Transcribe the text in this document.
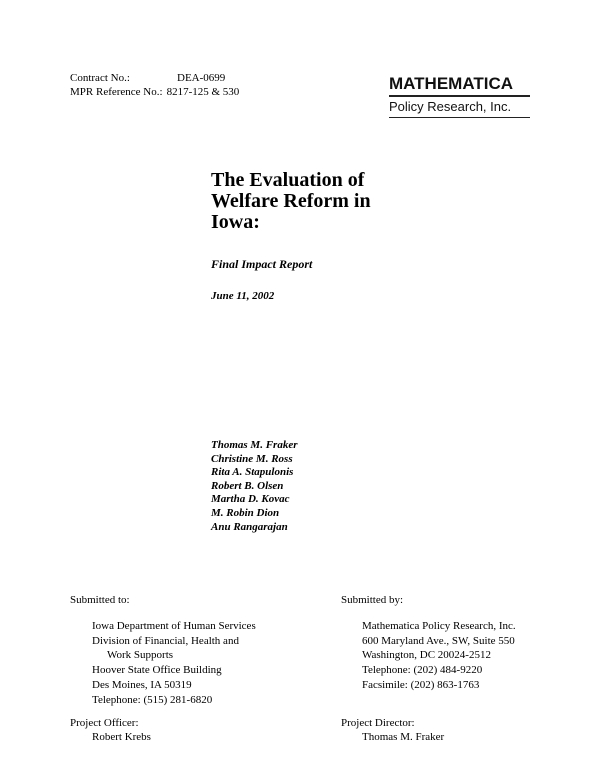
Contract No.:	DEA-0699
MPR Reference No.: 8217-125 & 530	MATHEMATICA
Policy Research, Inc.
The Evaluation of
Welfare Reform in
Iowa:
Final Impact Report
June 11, 2002
Thomas M. Fraker
Christine M. Ross
Rita A. Stapulonis
Robert B. Olsen
Martha D. Kovac
M. Robin Dion
Anu Rangarajan
Submitted to:
Iowa Department of Human Services
Division of Financial, Health and
Work Supports
Hoover State Office Building
Des Moines, IA 50319
Telephone: (515) 281-6820
Submitted by:
Mathematica Policy Research, Inc.
600 Maryland Ave., SW, Suite 550
Washington, DC 20024-2512
Telephone: (202) 484-9220
Facsimile: (202) 863-1763
Project Officer:
Robert Krebs
Project Director:
Thomas M. Fraker
